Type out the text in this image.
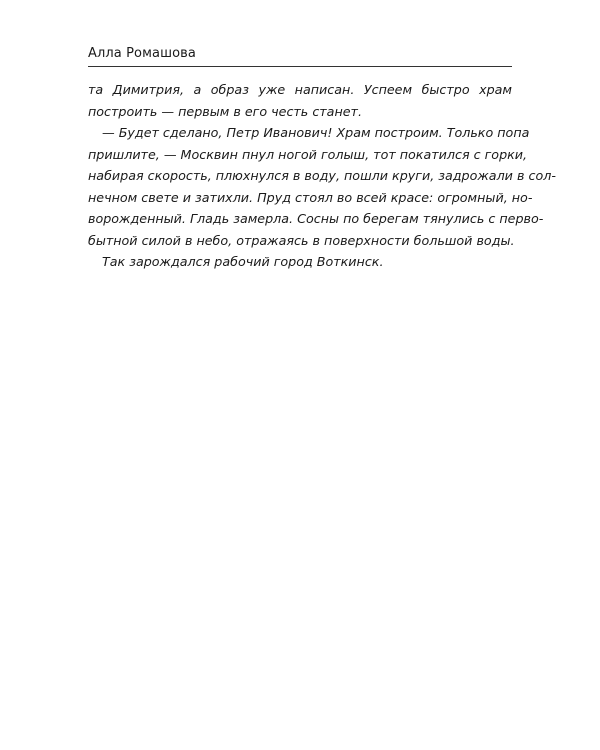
Алла Ромашова
та Димитрия, а образ уже написан. Успеем быстро храм
построить — первым в его честь станет.
— Будет сделано, Петр Иванович! Храм построим. Только попа
пришлите, — Москвин пнул ногой голыш, тот покатился с горки,
набирая скорость, плюхнулся в воду, пошли круги, задрожали в сол-
нечном свете и затихли. Пруд стоял во всей красе: огромный, но-
ворожденный. Гладь замерла. Сосны по берегам тянулись с перво-
бытной силой в небо, отражаясь в поверхности большой воды.
Так зарождался рабочий город Воткинск.
